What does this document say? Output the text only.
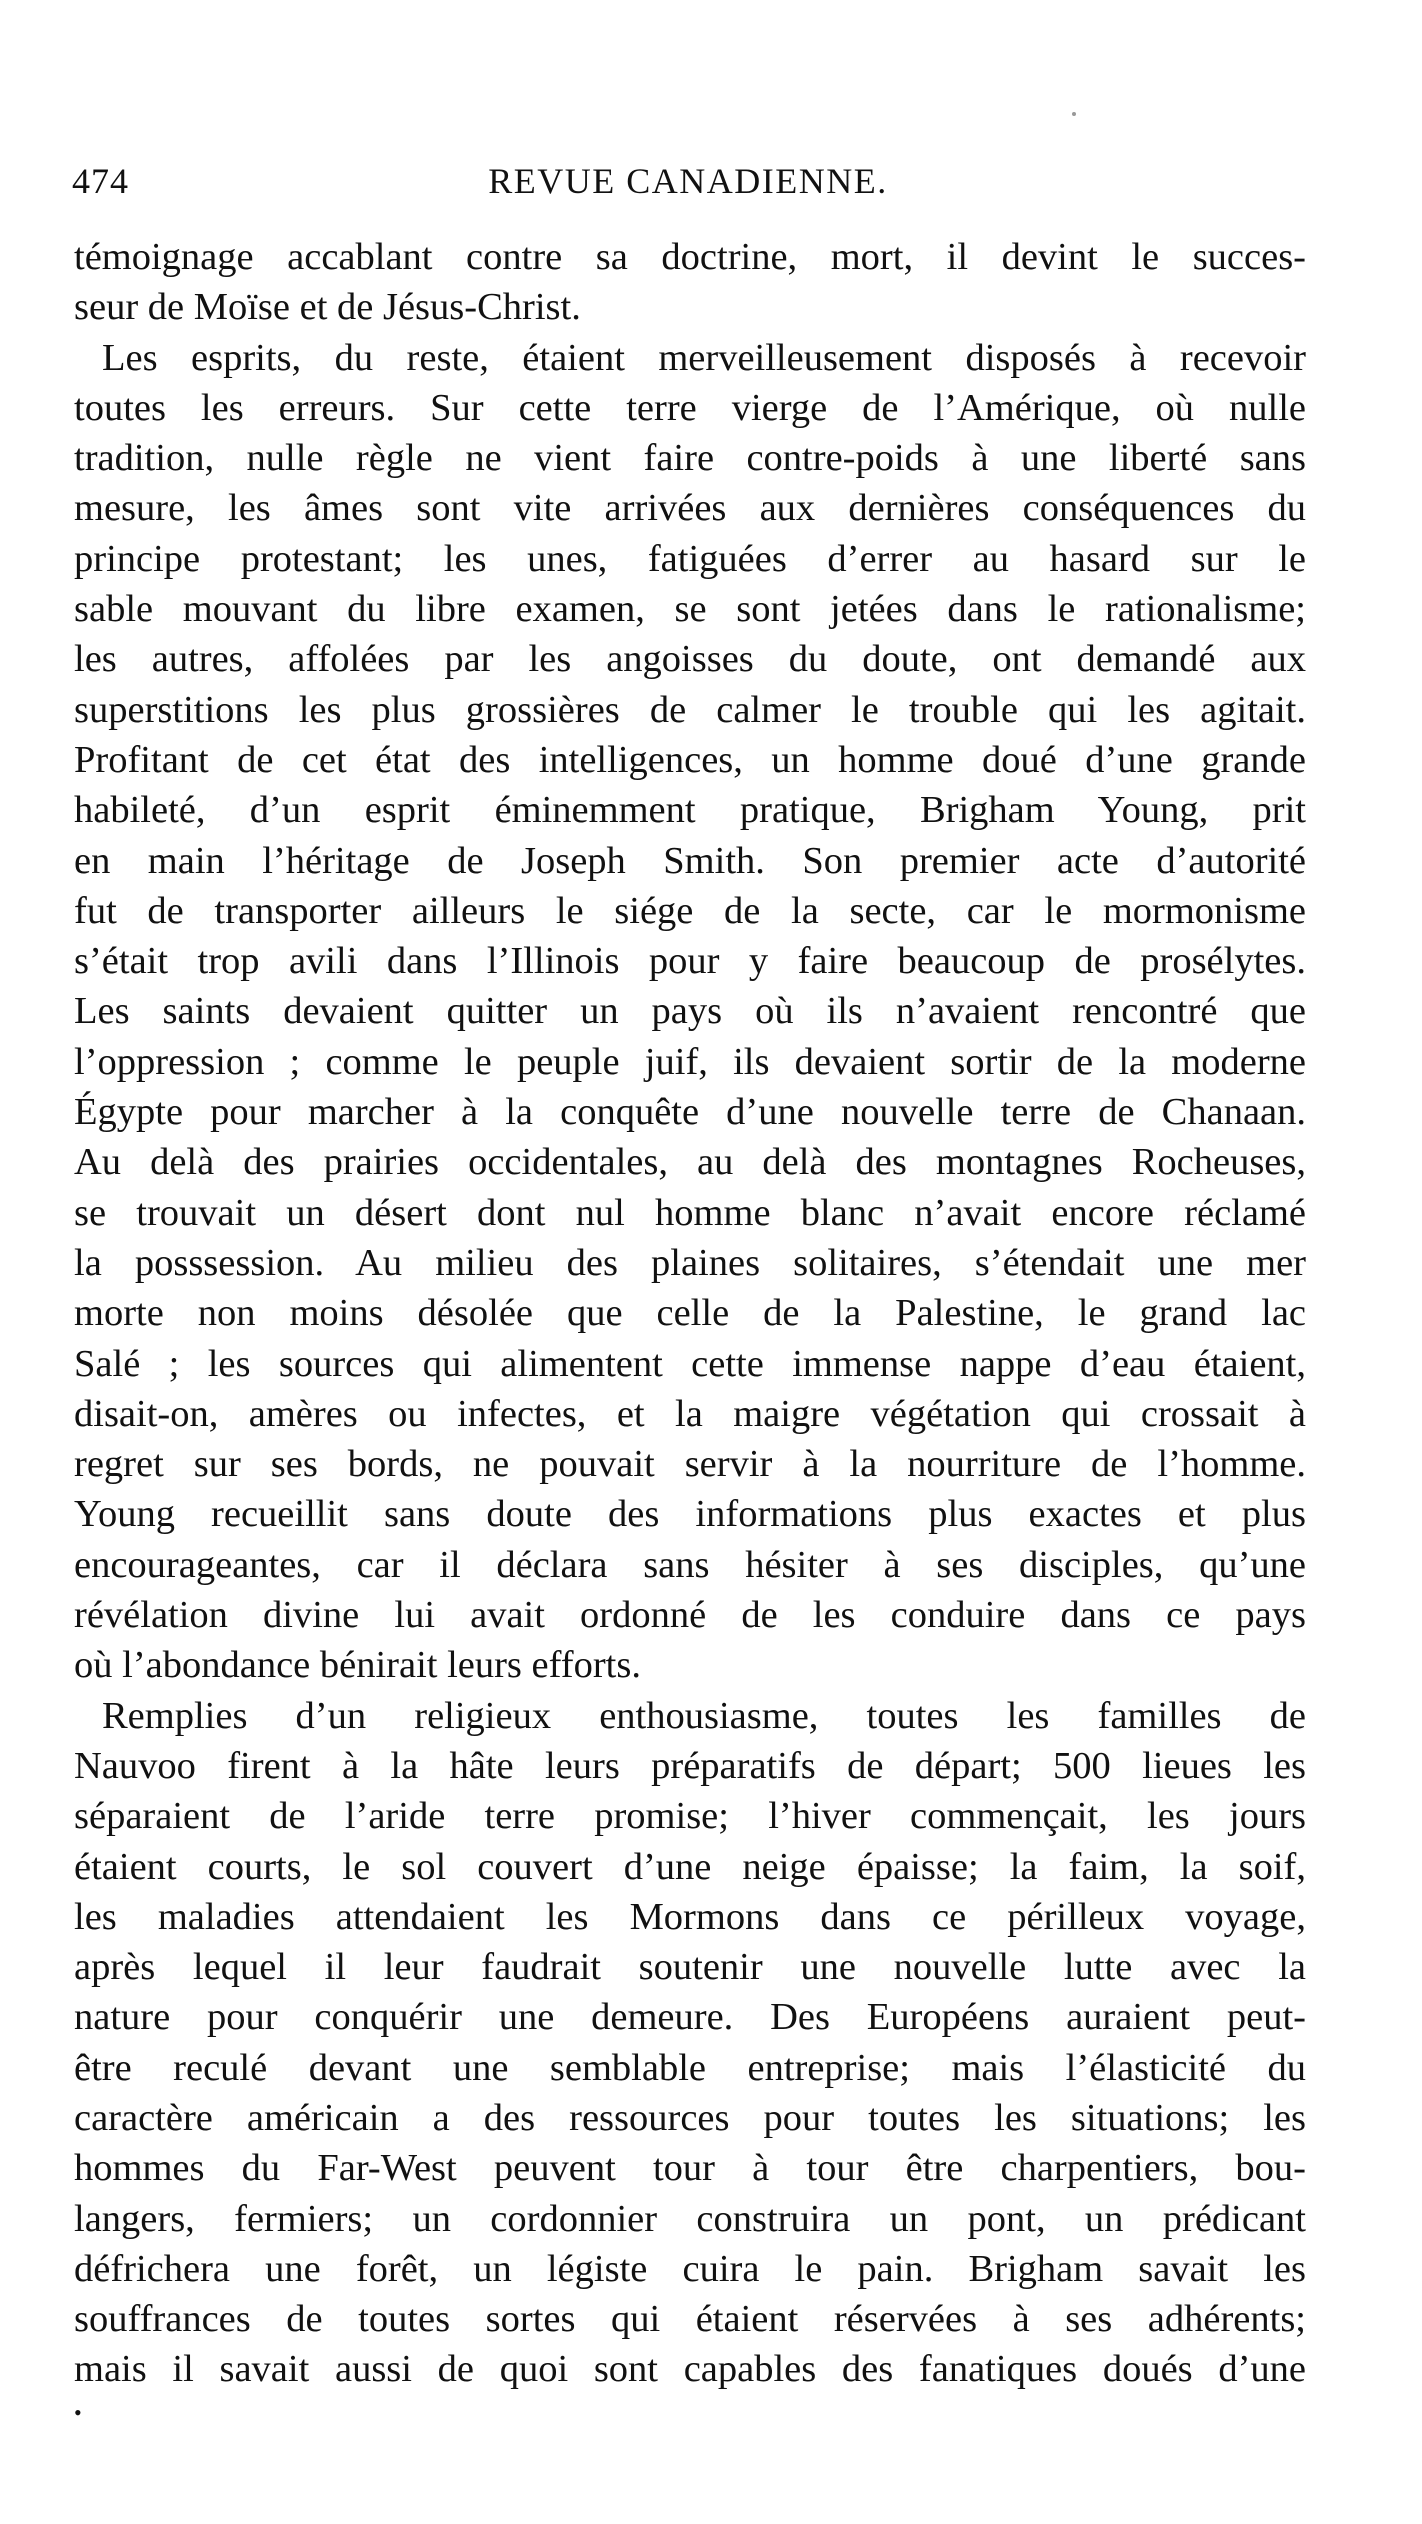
474	REVUE CANADIENNE.
témoignage accablant contre sa doctrine, mort, il devint le succes-
seur de Moïse et de Jésus-Christ.
Les esprits, du reste, étaient merveilleusement disposés à recevoir
toutes les erreurs. Sur cette terre vierge de l’Amérique, où nulle
tradition, nulle règle ne vient faire contre-poids à une liberté sans
mesure, les âmes sont vite arrivées aux dernières conséquences du
principe protestant; les unes, fatiguées d’errer au hasard sur le
sable mouvant du libre examen, se sont jetées dans le rationalisme;
les autres, affolées par les angoisses du doute, ont demandé aux
superstitions les plus grossières de calmer le trouble qui les agitait.
Profitant de cet état des intelligences, un homme doué d’une grande
habileté, d’un esprit éminemment pratique, Brigham Young, prit
en main l’héritage de Joseph Smith. Son premier acte d’autorité
fut de transporter ailleurs le siége de la secte, car le mormonisme
s’était trop avili dans l’Illinois pour y faire beaucoup de prosélytes.
Les saints devaient quitter un pays où ils n’avaient rencontré que
l’oppression ; comme le peuple juif, ils devaient sortir de la moderne
Égypte pour marcher à la conquête d’une nouvelle terre de Chanaan.
Au delà des prairies occidentales, au delà des montagnes Rocheuses,
se trouvait un désert dont nul homme blanc n’avait encore réclamé
la posssession. Au milieu des plaines solitaires, s’étendait une mer
morte non moins désolée que celle de la Palestine, le grand lac
Salé ; les sources qui alimentent cette immense nappe d’eau étaient,
disait-on, amères ou infectes, et la maigre végétation qui crossait à
regret sur ses bords, ne pouvait servir à la nourriture de l’homme.
Young recueillit sans doute des informations plus exactes et plus
encourageantes, car il déclara sans hésiter à ses disciples, qu’une
révélation divine lui avait ordonné de les conduire dans ce pays
où l’abondance bénirait leurs efforts.
Remplies d’un religieux enthousiasme, toutes les familles de
Nauvoo firent à la hâte leurs préparatifs de départ; 500 lieues les
séparaient de l’aride terre promise; l’hiver commençait, les jours
étaient courts, le sol couvert d’une neige épaisse; la faim, la soif,
les maladies attendaient les Mormons dans ce périlleux voyage,
après lequel il leur faudrait soutenir une nouvelle lutte avec la
nature pour conquérir une demeure. Des Européens auraient peut-
être reculé devant une semblable entreprise; mais l’élasticité du
caractère américain a des ressources pour toutes les situations; les
hommes du Far-West peuvent tour à tour être charpentiers, bou-
langers, fermiers; un cordonnier construira un pont, un prédicant
défrichera une forêt, un légiste cuira le pain. Brigham savait les
souffrances de toutes sortes qui étaient réservées à ses adhérents;
mais il savait aussi de quoi sont capables des fanatiques doués d’une
•
